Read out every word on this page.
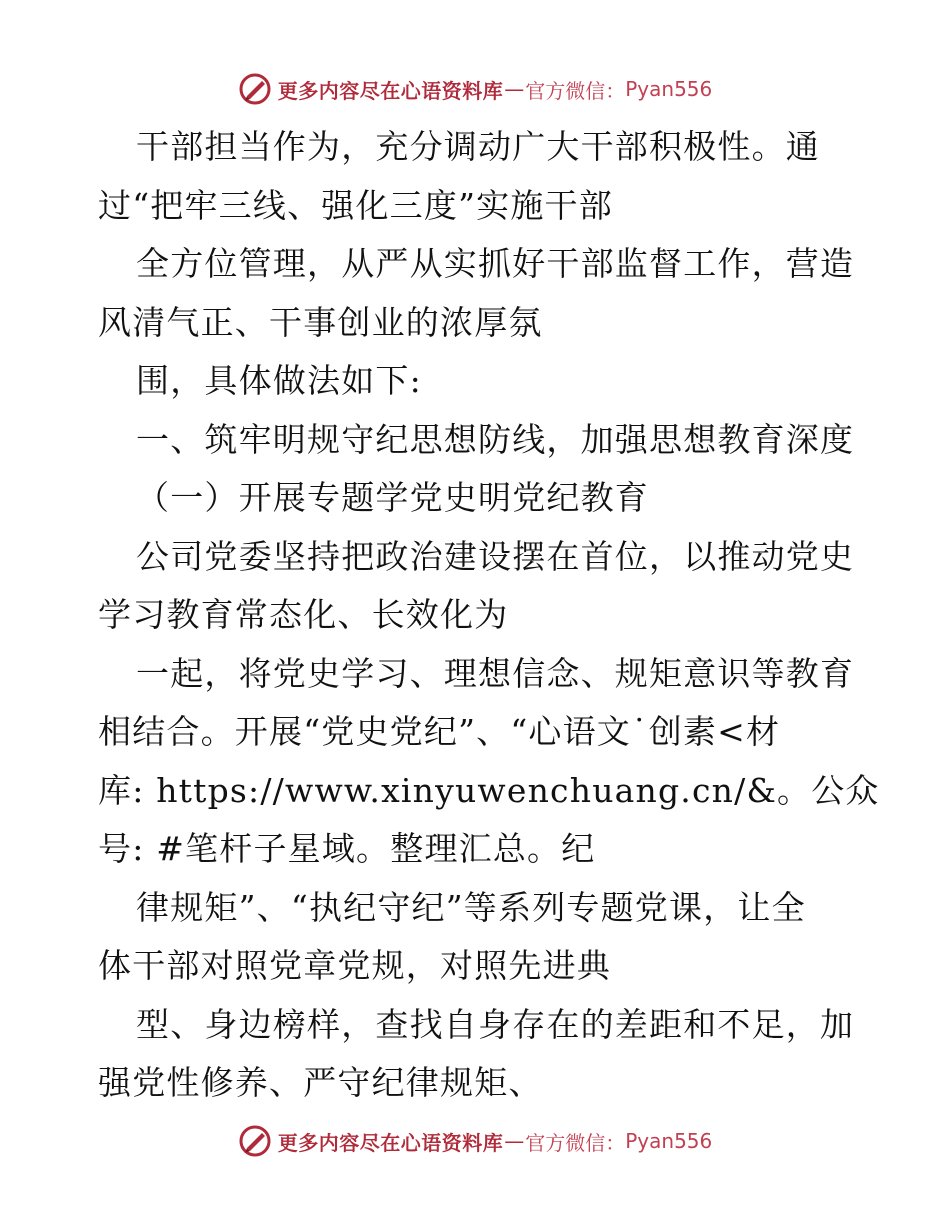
更多内容尽在心语资料库 — 官方微信： Pyan556
干部担当作为，充分调动广大干部积极性。通
过“把牢三线、强化三度”实施干部
全方位管理，从严从实抓好干部监督工作，营造
风清气正、干事创业的浓厚氛
围，具体做法如下:
一、筑牢明规守纪思想防线，加强思想教育深度
（一）开展专题学党史明党纪教育
公司党委坚持把政治建设摆在首位，以推动党史
学习教育常态化、长效化为
一起，将党史学习、理想信念、规矩意识等教育
相结合。开展“党史党纪”、“心语文˙创素<材
库: https://www.xinyuwenchuang.cn/&。公众
号: #笔杆子星域。整理汇总。纪
律规矩”、“执纪守纪”等系列专题党课，让全
体干部对照党章党规，对照先进典
型、身边榜样，查找自身存在的差距和不足，加
强党性修养、严守纪律规矩、
更多内容尽在心语资料库 — 官方微信： Pyan556
